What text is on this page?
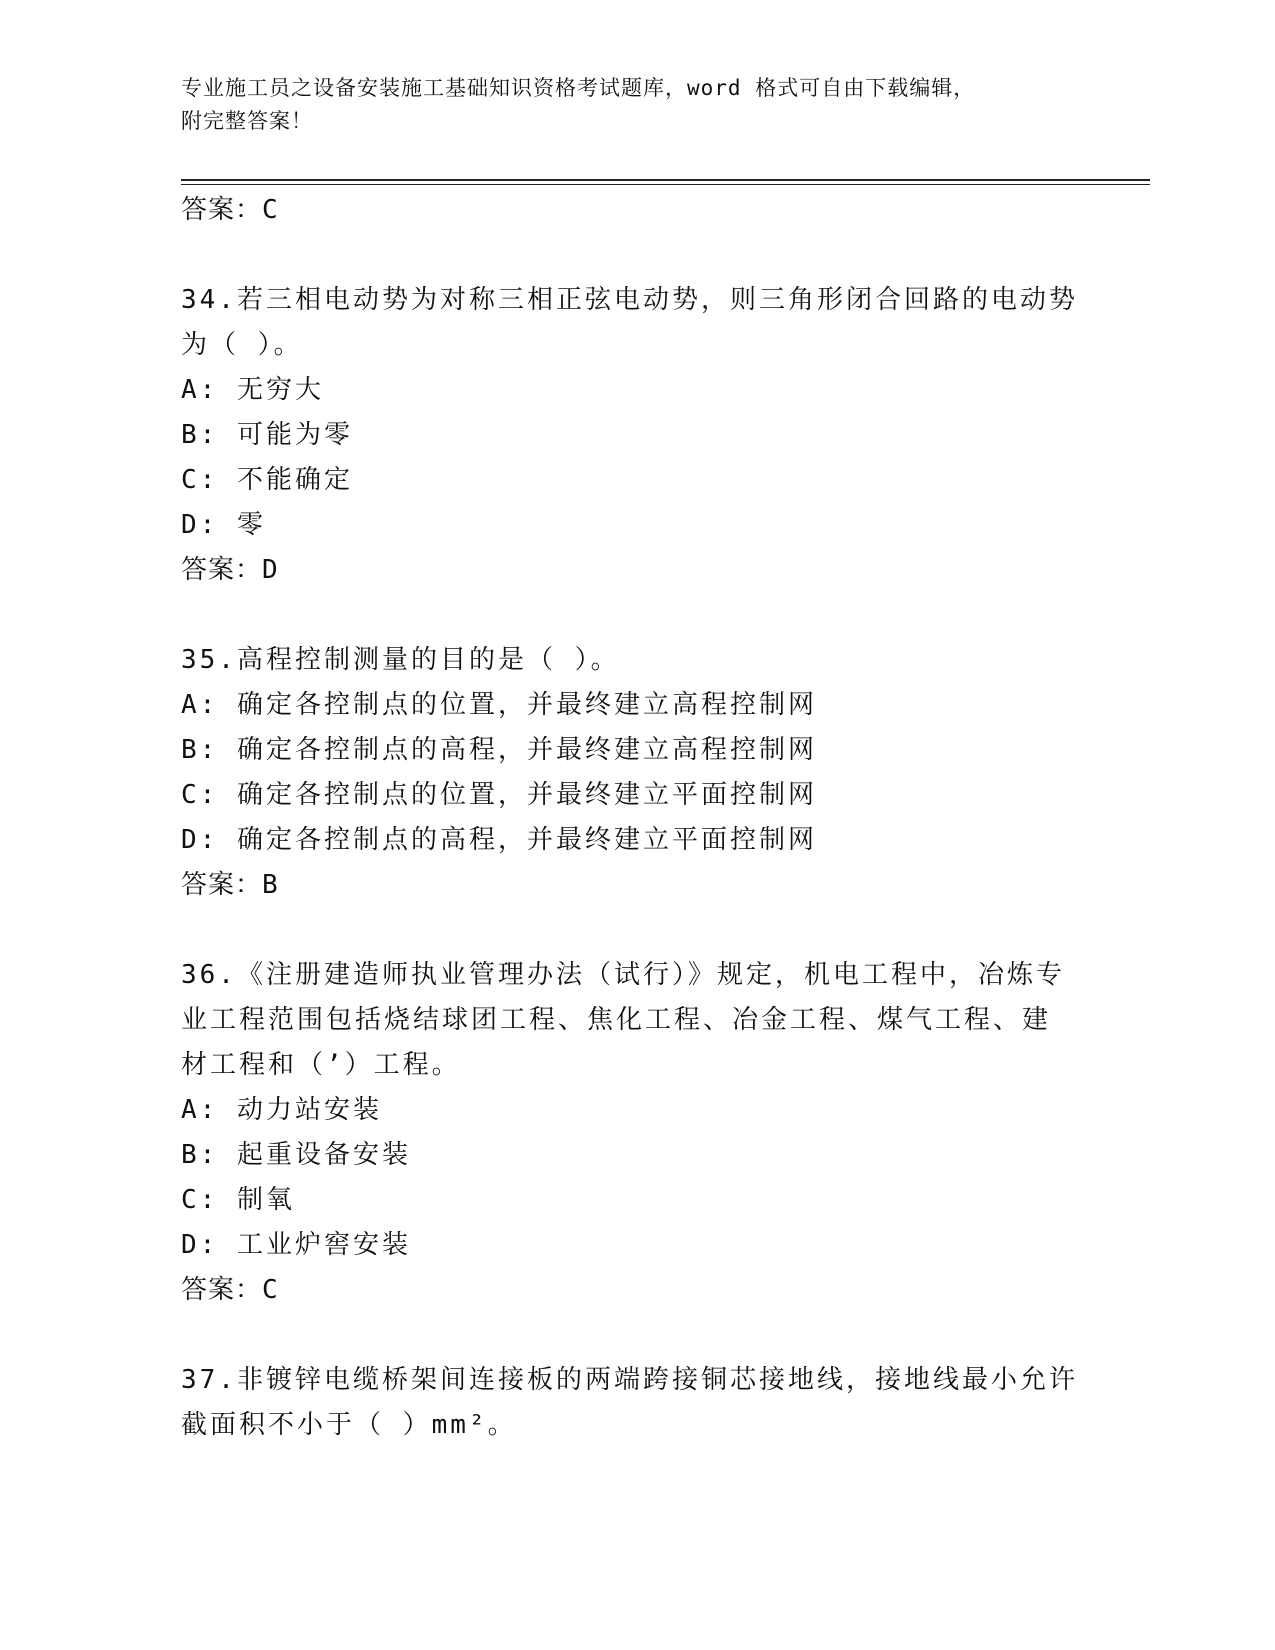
专业施工员之设备安装施工基础知识资格考试题库，word 格式可自由下载编辑，
附完整答案！
答案：C
34.若三相电动势为对称三相正弦电动势，则三角形闭合回路的电动势
为（ ）。
A: 无穷大
B: 可能为零
C: 不能确定
D: 零
答案：D
35.高程控制测量的目的是（ ）。
A: 确定各控制点的位置，并最终建立高程控制网
B: 确定各控制点的高程，并最终建立高程控制网
C: 确定各控制点的位置，并最终建立平面控制网
D: 确定各控制点的高程，并最终建立平面控制网
答案：B
36.《注册建造师执业管理办法（试行）》规定，机电工程中，冶炼专
业工程范围包括烧结球团工程、焦化工程、冶金工程、煤气工程、建
材工程和（’）工程。
A: 动力站安装
B: 起重设备安装
C: 制氧
D: 工业炉窖安装
答案：C
37.非镀锌电缆桥架间连接板的两端跨接铜芯接地线，接地线最小允许
截面积不小于（ ）mm²。
